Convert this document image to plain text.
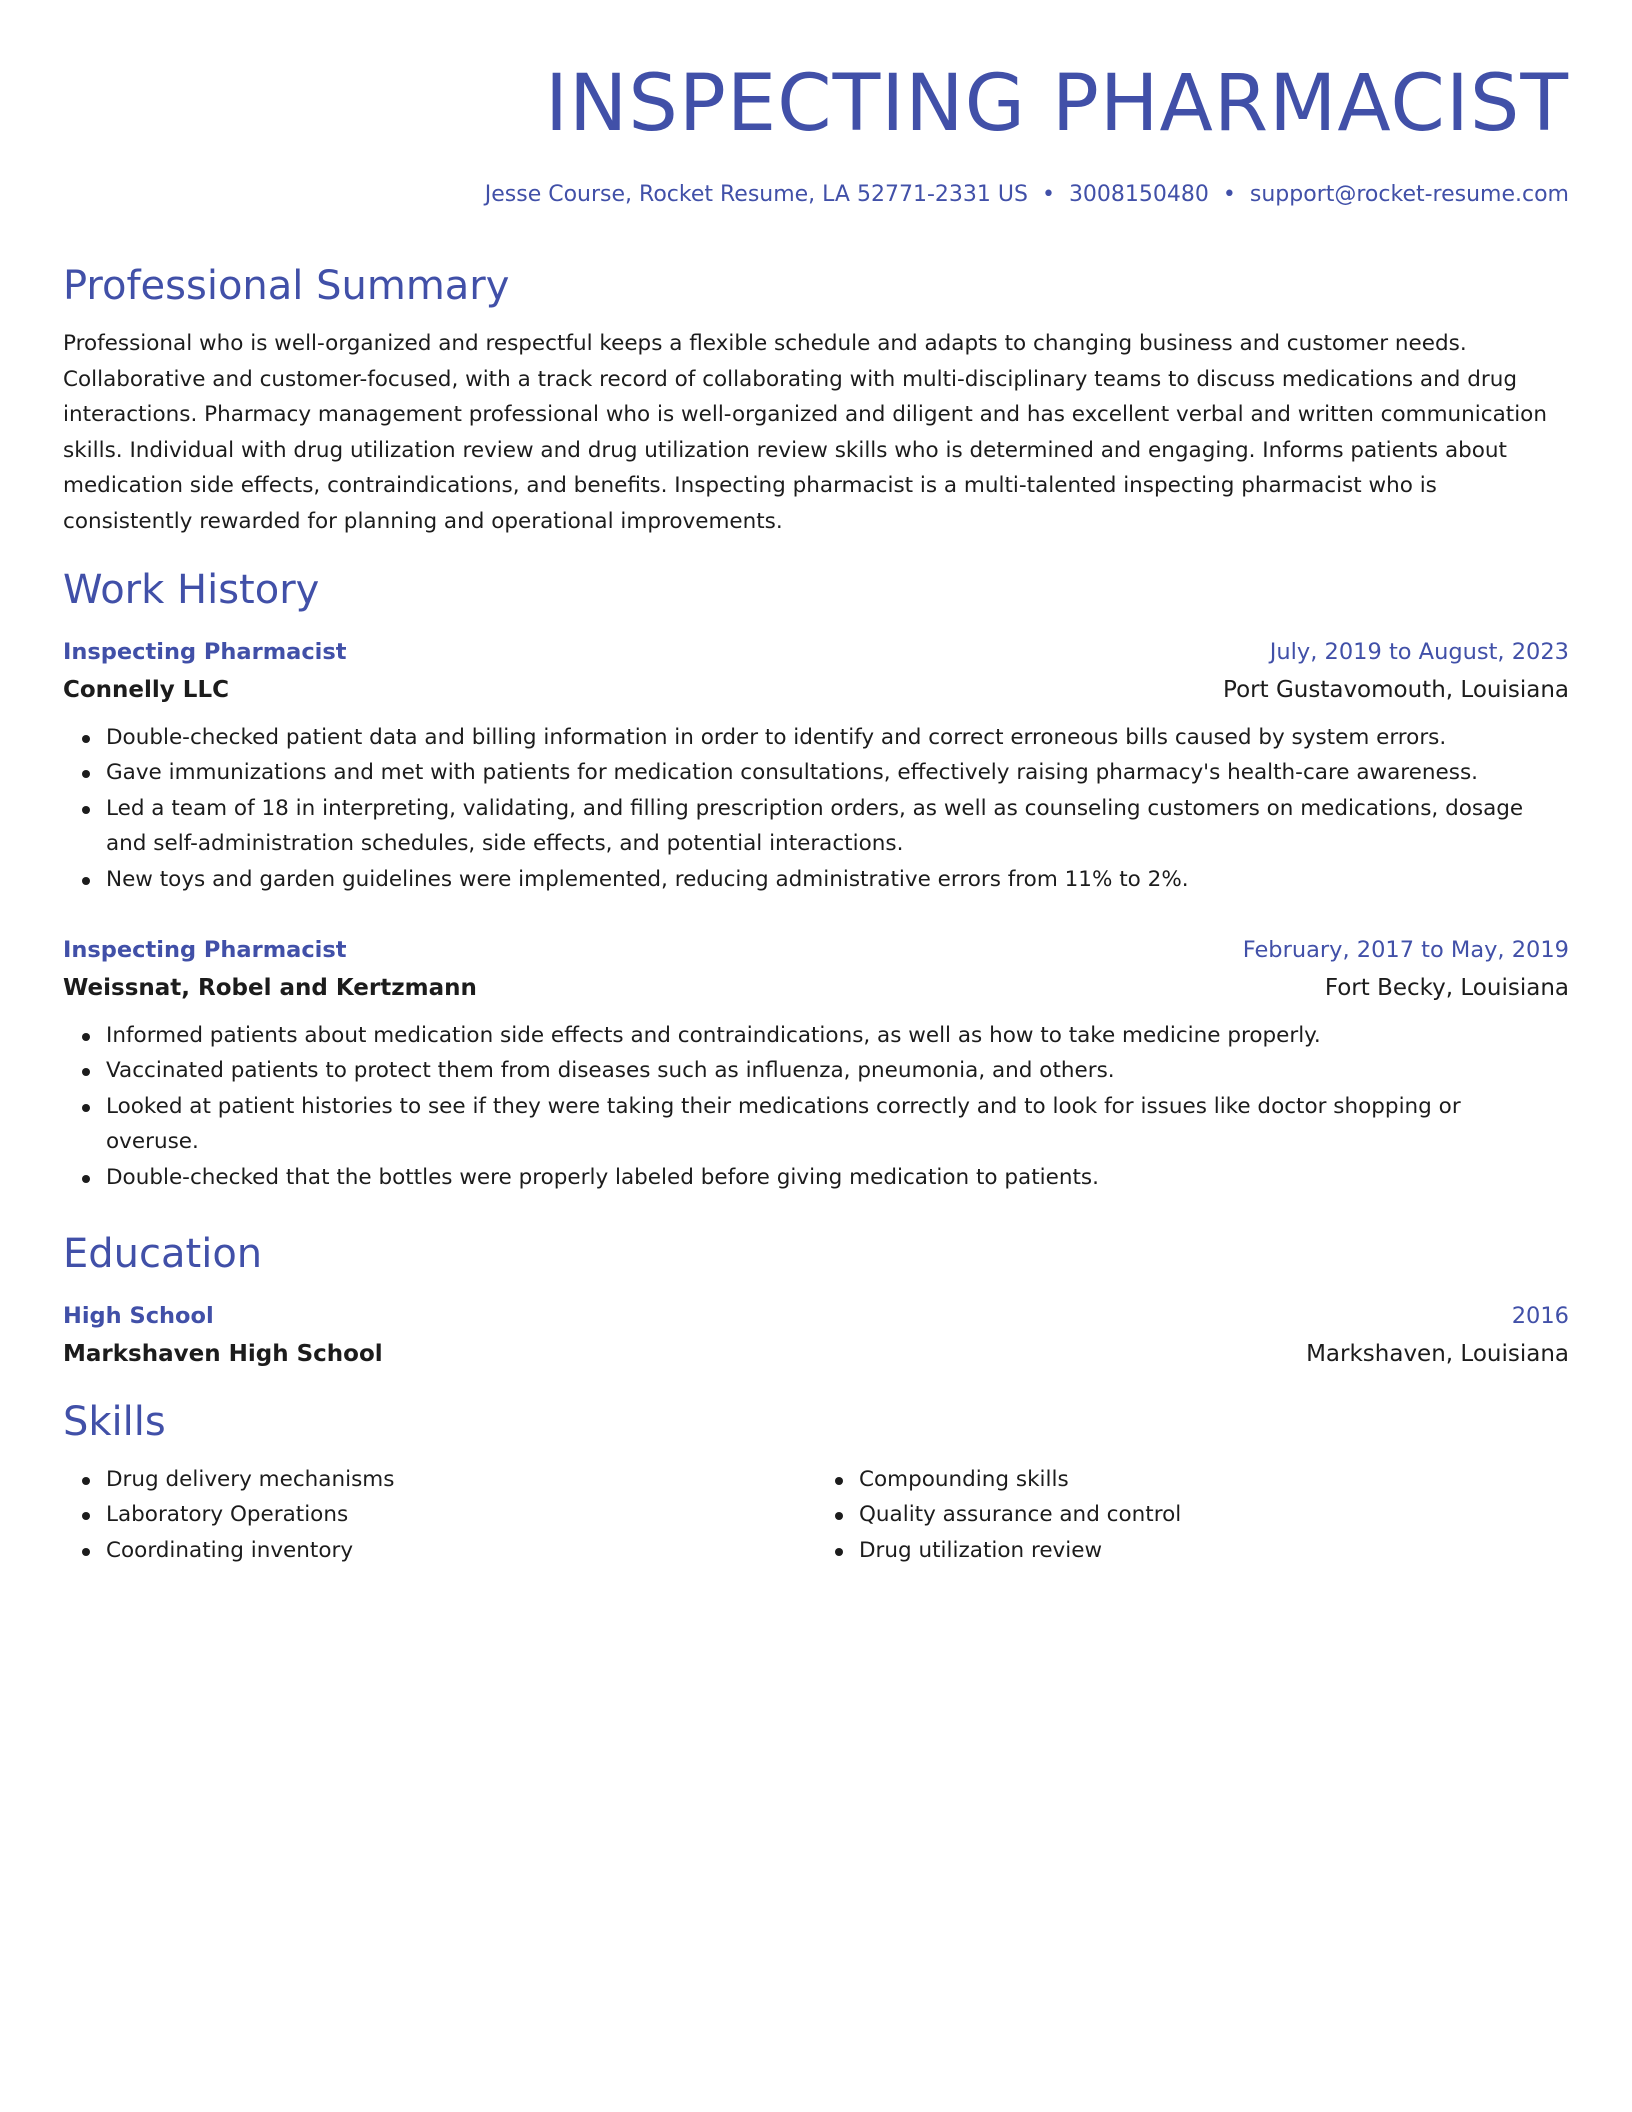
INSPECTING PHARMACIST
Jesse Course, Rocket Resume, LA 52771-2331 US • 3008150480 • support@rocket-resume.com
Professional Summary

Professional who is well-organized and respectful keeps a flexible schedule and adapts to changing business and customer needs. Collaborative and customer-focused, with a track record of collaborating with multi-disciplinary teams to discuss medications and drug interactions. Pharmacy management professional who is well-organized and diligent and has excellent verbal and written communication skills. Individual with drug utilization review and drug utilization review skills who is determined and engaging. Informs patients about medication side effects, contraindications, and benefits. Inspecting pharmacist is a multi-talented inspecting pharmacist who is consistently rewarded for planning and operational improvements.

Work History
Inspecting Pharmacist	July, 2019 to August, 2023
Connelly LLC	Port Gustavomouth, Louisiana
Double-checked patient data and billing information in order to identify and correct erroneous bills caused by system errors.
Gave immunizations and met with patients for medication consultations, effectively raising pharmacy's health-care awareness.
Led a team of 18 in interpreting, validating, and filling prescription orders, as well as counseling customers on medications, dosage and self-administration schedules, side effects, and potential interactions.
New toys and garden guidelines were implemented, reducing administrative errors from 11% to 2%.
Inspecting Pharmacist	February, 2017 to May, 2019
Weissnat, Robel and Kertzmann	Fort Becky, Louisiana
Informed patients about medication side effects and contraindications, as well as how to take medicine properly.
Vaccinated patients to protect them from diseases such as influenza, pneumonia, and others.
Looked at patient histories to see if they were taking their medications correctly and to look for issues like doctor shopping or overuse.
Double-checked that the bottles were properly labeled before giving medication to patients.
Education
High School	2016
Markshaven High School	Markshaven, Louisiana
Skills
Drug delivery mechanisms
Laboratory Operations
Coordinating inventory
Compounding skills
Quality assurance and control
Drug utilization review
